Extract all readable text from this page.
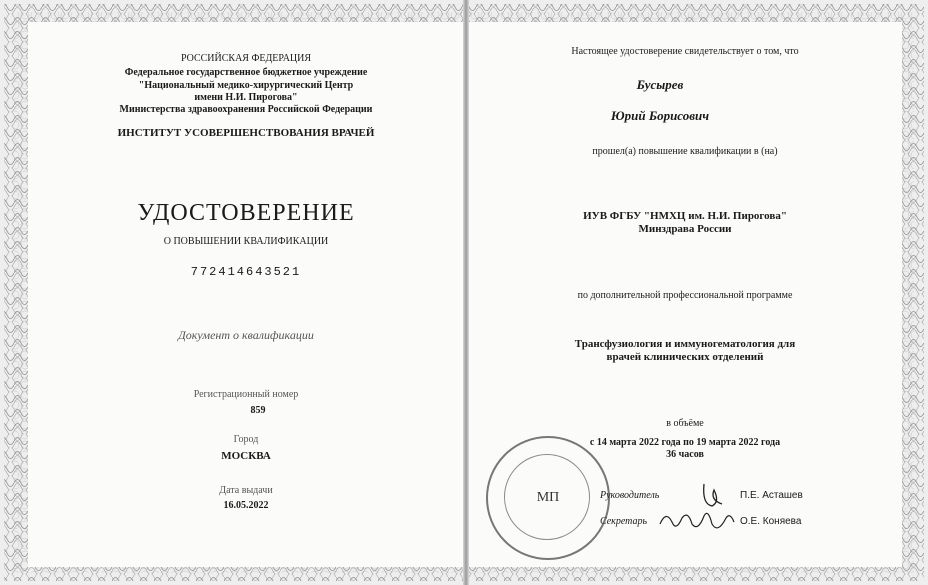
РОССИЙСКАЯ ФЕДЕРАЦИЯ
Федеральное государственное бюджетное учреждение
"Национальный медико-хирургический Центр
имени Н.И. Пирогова"
Министерства здравоохранения Российской Федерации
ИНСТИТУТ УСОВЕРШЕНСТВОВАНИЯ ВРАЧЕЙ
УДОСТОВЕРЕНИЕ
О ПОВЫШЕНИИ КВАЛИФИКАЦИИ
772414643521
Документ о квалификации
Регистрационный номер
859
Город
МОСКВА
Дата выдачи
16.05.2022
Настоящее удостоверение свидетельствует о том, что
Бусырев
Юрий Борисович
прошел(а) повышение квалификации в (на)
ИУВ ФГБУ "НМХЦ им. Н.И. Пирогова"
Минздрава России
по дополнительной профессиональной программе
Трансфузиология и иммуногематология для
врачей клинических отделений
в объёме
с 14 марта 2022 года по 19 марта 2022 года
36 часов
МП	Руководитель	П.Е. Асташев
Секретарь	О.Е. Коняева
